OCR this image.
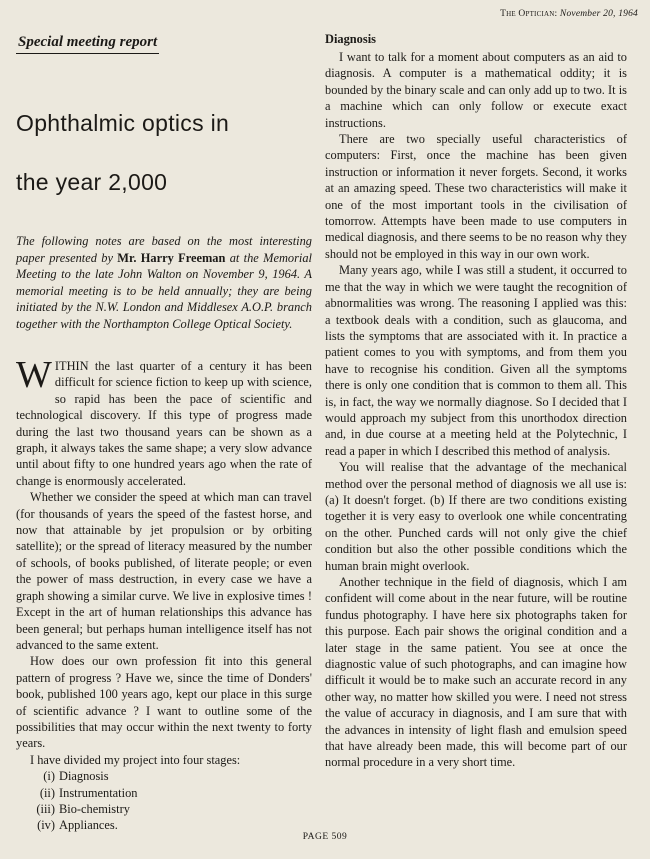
The Optician: November 20, 1964
Special meeting report
Ophthalmic optics in
the year 2,000
The following notes are based on the most interesting paper presented by Mr. Harry Freeman at the Memorial Meeting to the late John Walton on November 9, 1964. A memorial meeting is to be held annually; they are being initiated by the N.W. London and Middlesex A.O.P. branch together with the Northampton College Optical Society.

WITHIN the last quarter of a century it has been difficult for science fiction to keep up with science, so rapid has been the pace of scientific and technological discovery. If this type of progress made during the last two thousand years can be shown as a graph, it always takes the same shape; a very slow advance until about fifty to one hundred years ago when the rate of change is enormously accelerated.

Whether we consider the speed at which man can travel (for thousands of years the speed of the fastest horse, and now that attainable by jet propulsion or by orbiting satellite); or the spread of literacy measured by the number of schools, of books published, of literate people; or even the power of mass destruction, in every case we have a graph showing a similar curve. We live in explosive times ! Except in the art of human relationships this advance has been general; but perhaps human intelligence itself has not advanced to the same extent.

How does our own profession fit into this general pattern of progress ? Have we, since the time of Donders' book, published 100 years ago, kept our place in this surge of scientific advance ? I want to outline some of the possibilities that may occur within the next twenty to forty years.

I have divided my project into four stages:

(i) Diagnosis
(ii) Instrumentation
(iii) Bio-chemistry
(iv) Appliances.
Diagnosis

I want to talk for a moment about computers as an aid to diagnosis. A computer is a mathematical oddity; it is bounded by the binary scale and can only add up to two. It is a machine which can only follow or execute exact instructions.

There are two specially useful characteristics of computers: First, once the machine has been given instruction or information it never forgets. Second, it works at an amazing speed. These two characteristics will make it one of the most important tools in the civilisation of tomorrow. Attempts have been made to use computers in medical diagnosis, and there seems to be no reason why they should not be employed in this way in our own work.

Many years ago, while I was still a student, it occurred to me that the way in which we were taught the recognition of abnormalities was wrong. The reasoning I applied was this: a textbook deals with a condition, such as glaucoma, and lists the symptoms that are associated with it. In practice a patient comes to you with symptoms, and from them you have to recognise his condition. Given all the symptoms there is only one condition that is common to them all. This is, in fact, the way we normally diagnose. So I decided that I would approach my subject from this unorthodox direction and, in due course at a meeting held at the Polytechnic, I read a paper in which I described this method of analysis.

You will realise that the advantage of the mechanical method over the personal method of diagnosis we all use is: (a) It doesn't forget. (b) If there are two conditions existing together it is very easy to overlook one while concentrating on the other. Punched cards will not only give the chief condition but also the other possible conditions which the human brain might overlook.

Another technique in the field of diagnosis, which I am confident will come about in the near future, will be routine fundus photography. I have here six photographs taken for this purpose. Each pair shows the original condition and a later stage in the same patient. You see at once the diagnostic value of such photographs, and can imagine how difficult it would be to make such an accurate record in any other way, no matter how skilled you were. I need not stress the value of accuracy in diagnosis, and I am sure that with the advances in intensity of light flash and emulsion speed that have already been made, this will become part of our normal procedure in a very short time.

PAGE 509
